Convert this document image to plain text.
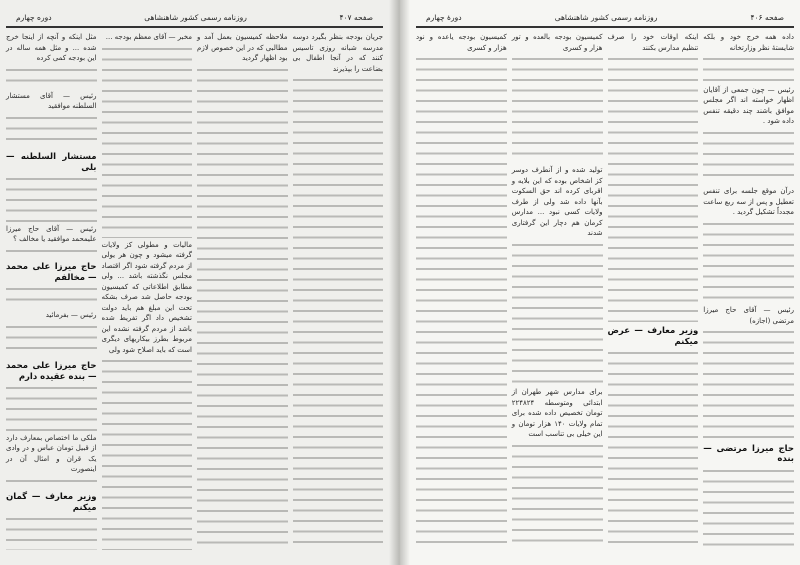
صفحه ۴۰۷
روزنامه رسمی کشور شاهنشاهی
دوره چهارم

جریان بودجه بنظر بگیرد دوسه مدرسه شبانه روزی تاسیس کنند که در آنجا اطفال بی بضاعت را بپذیرند

ملاحظه کمیسیون بعمل آمد و مطالبی که در این خصوص لازم بود اظهار گردید

مخبر — آقای معظم بودجه ...

مالیات و مطولی کز ولایات گرفته میشود و چون هر یولی از مردم گرفته شود اگر اقتصاد مجلس نگذشته باشد ... ولی مطابق اطلاعاتی که کمیسیون بودجه حاصل شد صرف بشکه تحت این مبلغ هم باید دولت تشخیص داد اگر تفریط شده باشد از مردم گرفته نشده این مربوط بطرز بیکاریهای دیگری است که باید اصلاح شود ولی

مثل اینکه و آنچه از اینجا خرج شده ... و مثل همه ساله در این بودجه کمی کرده

رئیس — آقای مستشار السلطنه موافقید

مستشار السلطنه — بلی

رئیس — آقای حاج میرزا علیمحمد موافقید یا مخالف ؟

حاج میرزا علی محمد — مخالفم

رئیس — بفرمائید

حاج میرزا علی محمد — بنده عقیده دارم

ملکی ما اختصاص بمعارف دارد از قبیل تومان عباس و در وادی یک قران و امثال آن در اینصورت

وزیر معارف — گمان میکنم

صفحه ۴۰۶
روزنامه رسمی کشور شاهنشاهی
دورهٔ چهارم

داده همه خرج خود و بلکه شایستهٔ نظر وزارتخانه

رئیس — چون جمعی از آقایان اظهار خواسته اند اگر مجلس موافق باشند چند دقیقه تنفس داده شود .

درآن موقع جلسه برای تنفس تعطیل و پس از سه ربع ساعت مجدداً تشکیل گردید .

رئیس — آقای حاج میرزا مرتضی (اجازه)

حاج میرزا مرتضی — بنده

اینکه اوقات خود را صرف تنظیم مدارس بکنند

وزیر معارف — عرض میکنم

کمیسیون بودجه بالعده و تور هزار و کسری

تولید شده و از آنطرف دوسر کز اشخاص بوده که این بلایه و اقربای کرده اند حق السکوت بآنها داده شد ولی از طرف ولایات کسی نبود ... مدارس کرمان هم دچار این گرفتاری شدند

برای مدارس شهر طهران از ابتدائی ومتوسطه ۲۲۴۸۲۴ تومان تخصیص داده شده برای تمام ولایات ۱۴۰ هزار تومان و این خیلی بی تناسب است

کمیسیون بودجه یاعده و نود هزار و کسری
